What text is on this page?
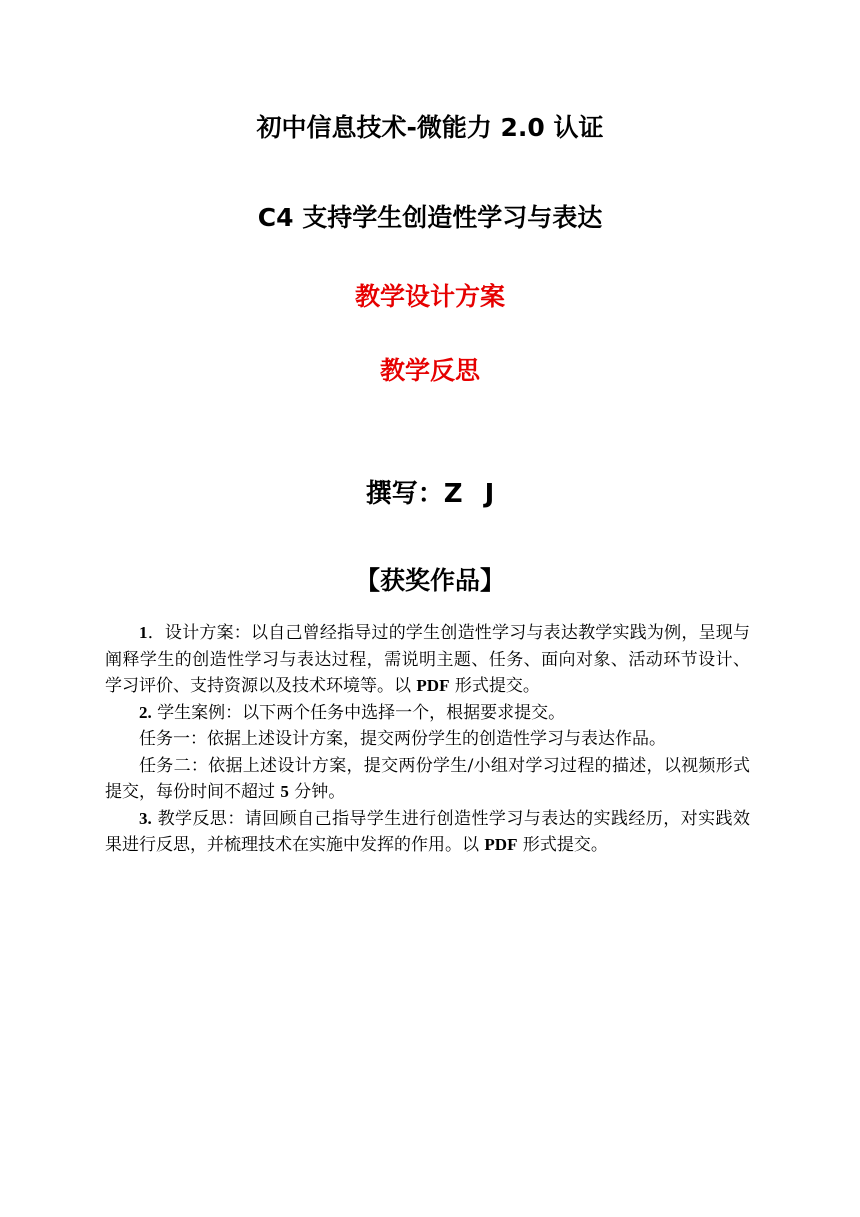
初中信息技术-微能力 2.0 认证
C4 支持学生创造性学习与表达
教学设计方案
教学反思
撰写：Z J
【获奖作品】

1．设计方案：以自己曾经指导过的学生创造性学习与表达教学实践为例，呈现与阐释学生的创造性学习与表达过程，需说明主题、任务、面向对象、活动环节设计、学习评价、支持资源以及技术环境等。以 PDF 形式提交。

2. 学生案例：以下两个任务中选择一个，根据要求提交。

任务一：依据上述设计方案，提交两份学生的创造性学习与表达作品。

任务二：依据上述设计方案，提交两份学生/小组对学习过程的描述，以视频形式提交，每份时间不超过 5 分钟。

3. 教学反思：请回顾自己指导学生进行创造性学习与表达的实践经历，对实践效果进行反思，并梳理技术在实施中发挥的作用。以 PDF 形式提交。
